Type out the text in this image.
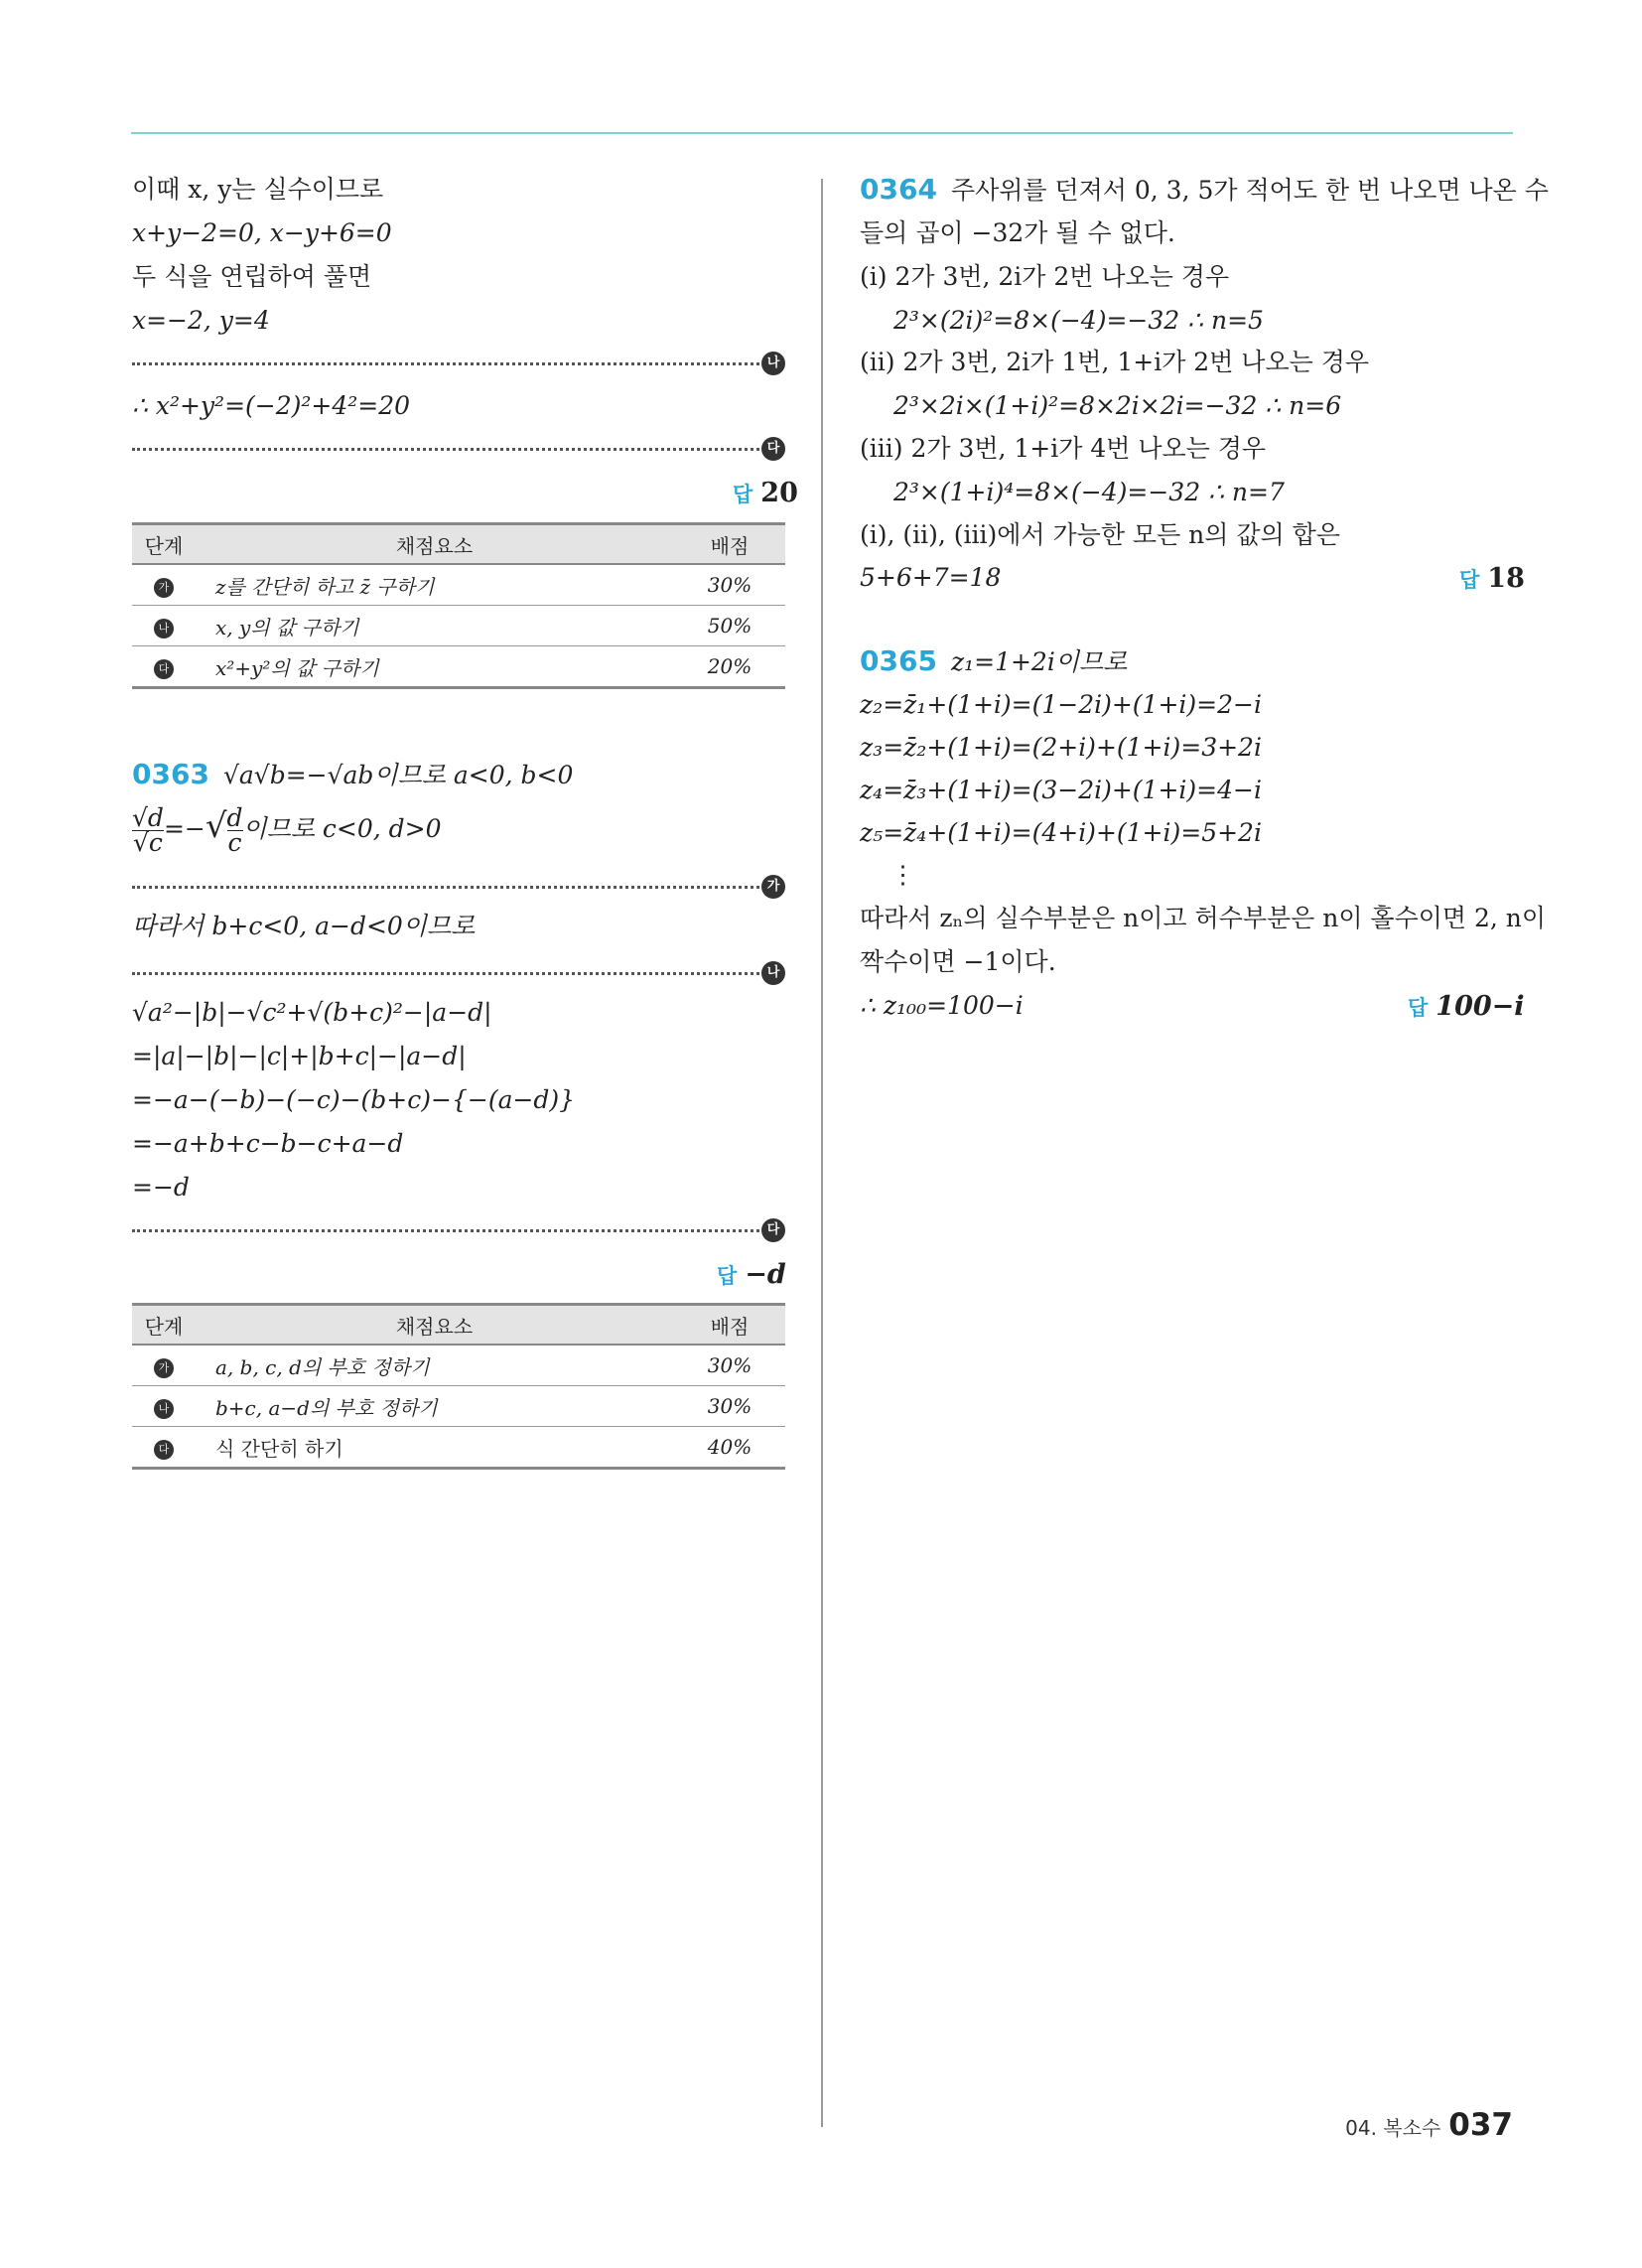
이때 x, y는 실수이므로
x+y−2=0, x−y+6=0
두 식을 연립하여 풀면
x=−2, y=4
나
∴ x²+y²=(−2)²+4²=20
다
답 20
단계	채점요소	배점
가	z를 간단히 하고 z̄ 구하기	30%
나	x, y의 값 구하기	50%
다	x²+y²의 값 구하기	20%
0363 √a√b=−√ab이므로 a<0, b<0
$\frac{√d}{√c}$ =−√ $\frac{d}{c}$ 이므로 c<0, d>0
가
따라서 b+c<0, a−d<0이므로
나
√a²−|b|−√c²+√(b+c)²−|a−d|
=|a|−|b|−|c|+|b+c|−|a−d|
=−a−(−b)−(−c)−(b+c)−{−(a−d)}
=−a+b+c−b−c+a−d
=−d
다
답 −d
단계	채점요소	배점
가	a, b, c, d의 부호 정하기	30%
나	b+c, a−d의 부호 정하기	30%
다	식 간단히 하기	40%
0364 주사위를 던져서 0, 3, 5가 적어도 한 번 나오면 나온 수
들의 곱이 −32가 될 수 없다.
(i) 2가 3번, 2i가 2번 나오는 경우
2³×(2i)²=8×(−4)=−32 ∴ n=5
(ii) 2가 3번, 2i가 1번, 1+i가 2번 나오는 경우
2³×2i×(1+i)²=8×2i×2i=−32 ∴ n=6
(iii) 2가 3번, 1+i가 4번 나오는 경우
2³×(1+i)⁴=8×(−4)=−32 ∴ n=7
(i), (ii), (iii)에서 가능한 모든 n의 값의 합은
5+6+7=18	답 18
0365 z₁=1+2i이므로
z₂=z̄₁+(1+i)=(1−2i)+(1+i)=2−i
z₃=z̄₂+(1+i)=(2+i)+(1+i)=3+2i
z₄=z̄₃+(1+i)=(3−2i)+(1+i)=4−i
z₅=z̄₄+(1+i)=(4+i)+(1+i)=5+2i
⋮
따라서 zₙ의 실수부분은 n이고 허수부분은 n이 홀수이면 2, n이
짝수이면 −1이다.
∴ z₁₀₀=100−i	답 100−i
04. 복소수 037
